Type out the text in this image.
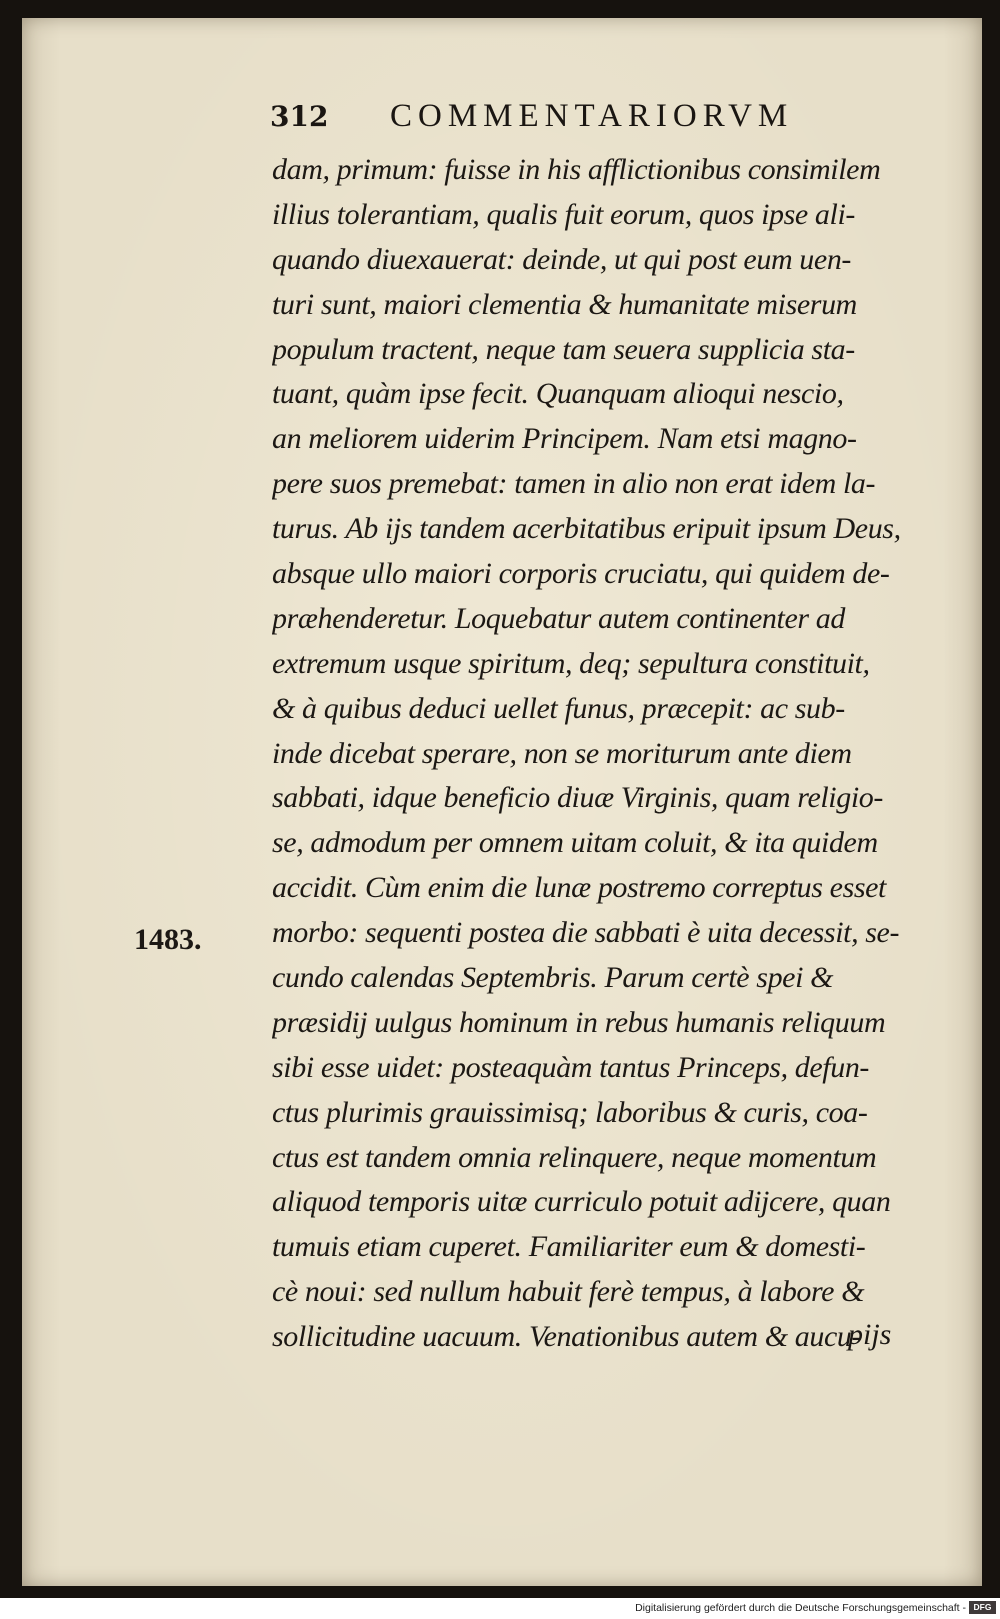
312 COMMENTARIORVM
dam, primum: fuisse in his afflictionibus consimilem
illius tolerantiam, qualis fuit eorum, quos ipse ali-
quando diuexauerat: deinde, ut qui post eum uen-
turi sunt, maiori clementia & humanitate miserum
populum tractent, neque tam seuera supplicia sta-
tuant, quàm ipse fecit. Quanquam alioqui nescio,
an meliorem uiderim Principem. Nam etsi magno-
pere suos premebat: tamen in alio non erat idem la-
turus. Ab ijs tandem acerbitatibus eripuit ipsum Deus,
absque ullo maiori corporis cruciatu, qui quidem de-
præhenderetur. Loquebatur autem continenter ad
extremum usque spiritum, deq; sepultura constituit,
& à quibus deduci uellet funus, præcepit: ac sub-
inde dicebat sperare, non se moriturum ante diem
sabbati, idque beneficio diuæ Virginis, quam religio-
se, admodum per omnem uitam coluit, & ita quidem
accidit. Cùm enim die lunæ postremo correptus esset
morbo: sequenti postea die sabbati è uita decessit, se-
cundo calendas Septembris. Parum certè spei &
præsidij uulgus hominum in rebus humanis reliquum
sibi esse uidet: posteaquàm tantus Princeps, defun-
ctus plurimis grauissimisq; laboribus & curis, coa-
ctus est tandem omnia relinquere, neque momentum
aliquod temporis uitæ curriculo potuit adijcere, quan
tumuis etiam cuperet. Familiariter eum & domesti-
cè noui: sed nullum habuit ferè tempus, à labore &
sollicitudine uacuum. Venationibus autem & aucu-
1483.
pijs
Digitalisierung gefördert durch die Deutsche Forschungsgemeinschaft - DFG
